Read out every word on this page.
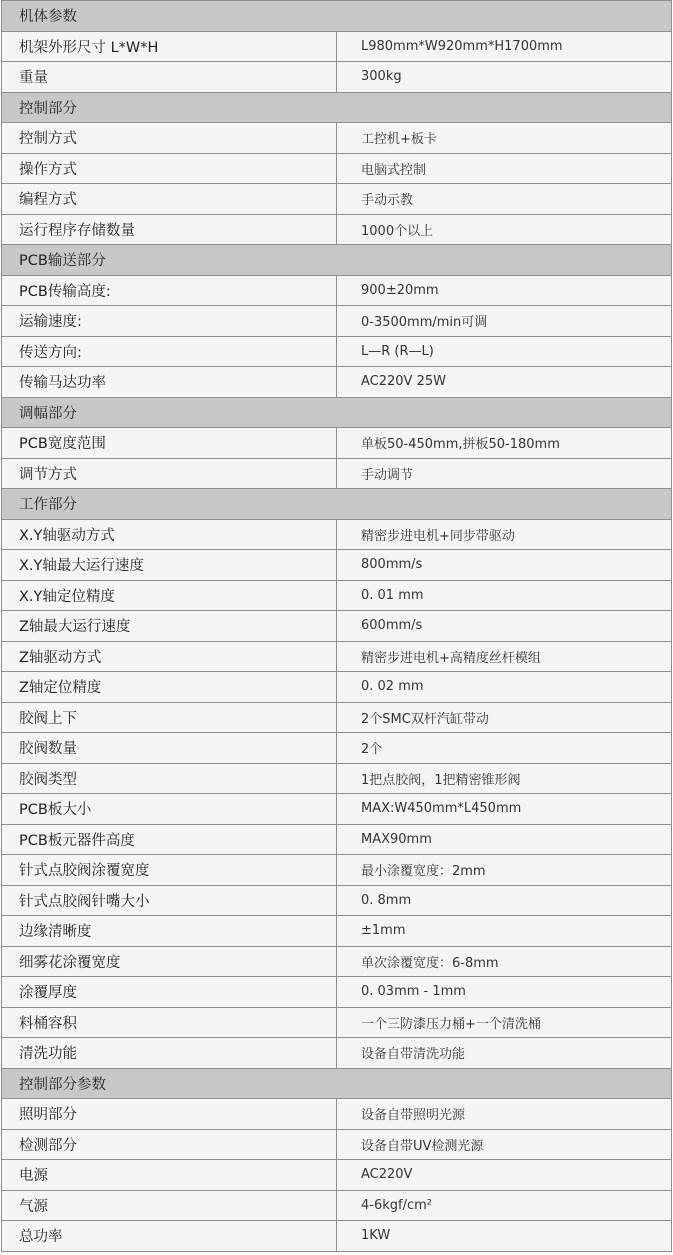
机体参数	
机架外形尺寸 L*W*H	L980mm*W920mm*H1700mm
重量	300kg
控制部分	
控制方式	工控机+板卡
操作方式	电脑式控制
编程方式	手动示教
运行程序存储数量	1000个以上
PCB输送部分	
PCB传输高度:	900±20mm
运输速度:	0-3500mm/min可调
传送方向:	L—R (R—L)
传输马达功率	AC220V 25W
调幅部分	
PCB宽度范围	单板50-450mm,拼板50-180mm
调节方式	手动调节
工作部分	
X.Y轴驱动方式	精密步进电机+同步带驱动
X.Y轴最大运行速度	800mm/s
X.Y轴定位精度	0. 01 mm
Z轴最大运行速度	600mm/s
Z轴驱动方式	精密步进电机+高精度丝杆模组
Z轴定位精度	0. 02 mm
胶阀上下	2个SMC双杆汽缸带动
胶阀数量	2个
胶阀类型	1把点胶阀，1把精密锥形阀
PCB板大小	MAX:W450mm*L450mm
PCB板元器件高度	MAX90mm
针式点胶阀涂覆宽度	最小涂覆宽度：2mm
针式点胶阀针嘴大小	0. 8mm
边缘清晰度	±1mm
细雾花涂覆宽度	单次涂覆宽度：6-8mm
涂覆厚度	0. 03mm - 1mm
料桶容积	一个三防漆压力桶+一个清洗桶
清洗功能	设备自带清洗功能
控制部分参数	
照明部分	设备自带照明光源
检测部分	设备自带UV检测光源
电源	AC220V
气源	4-6kgf/cm²
总功率	1KW
